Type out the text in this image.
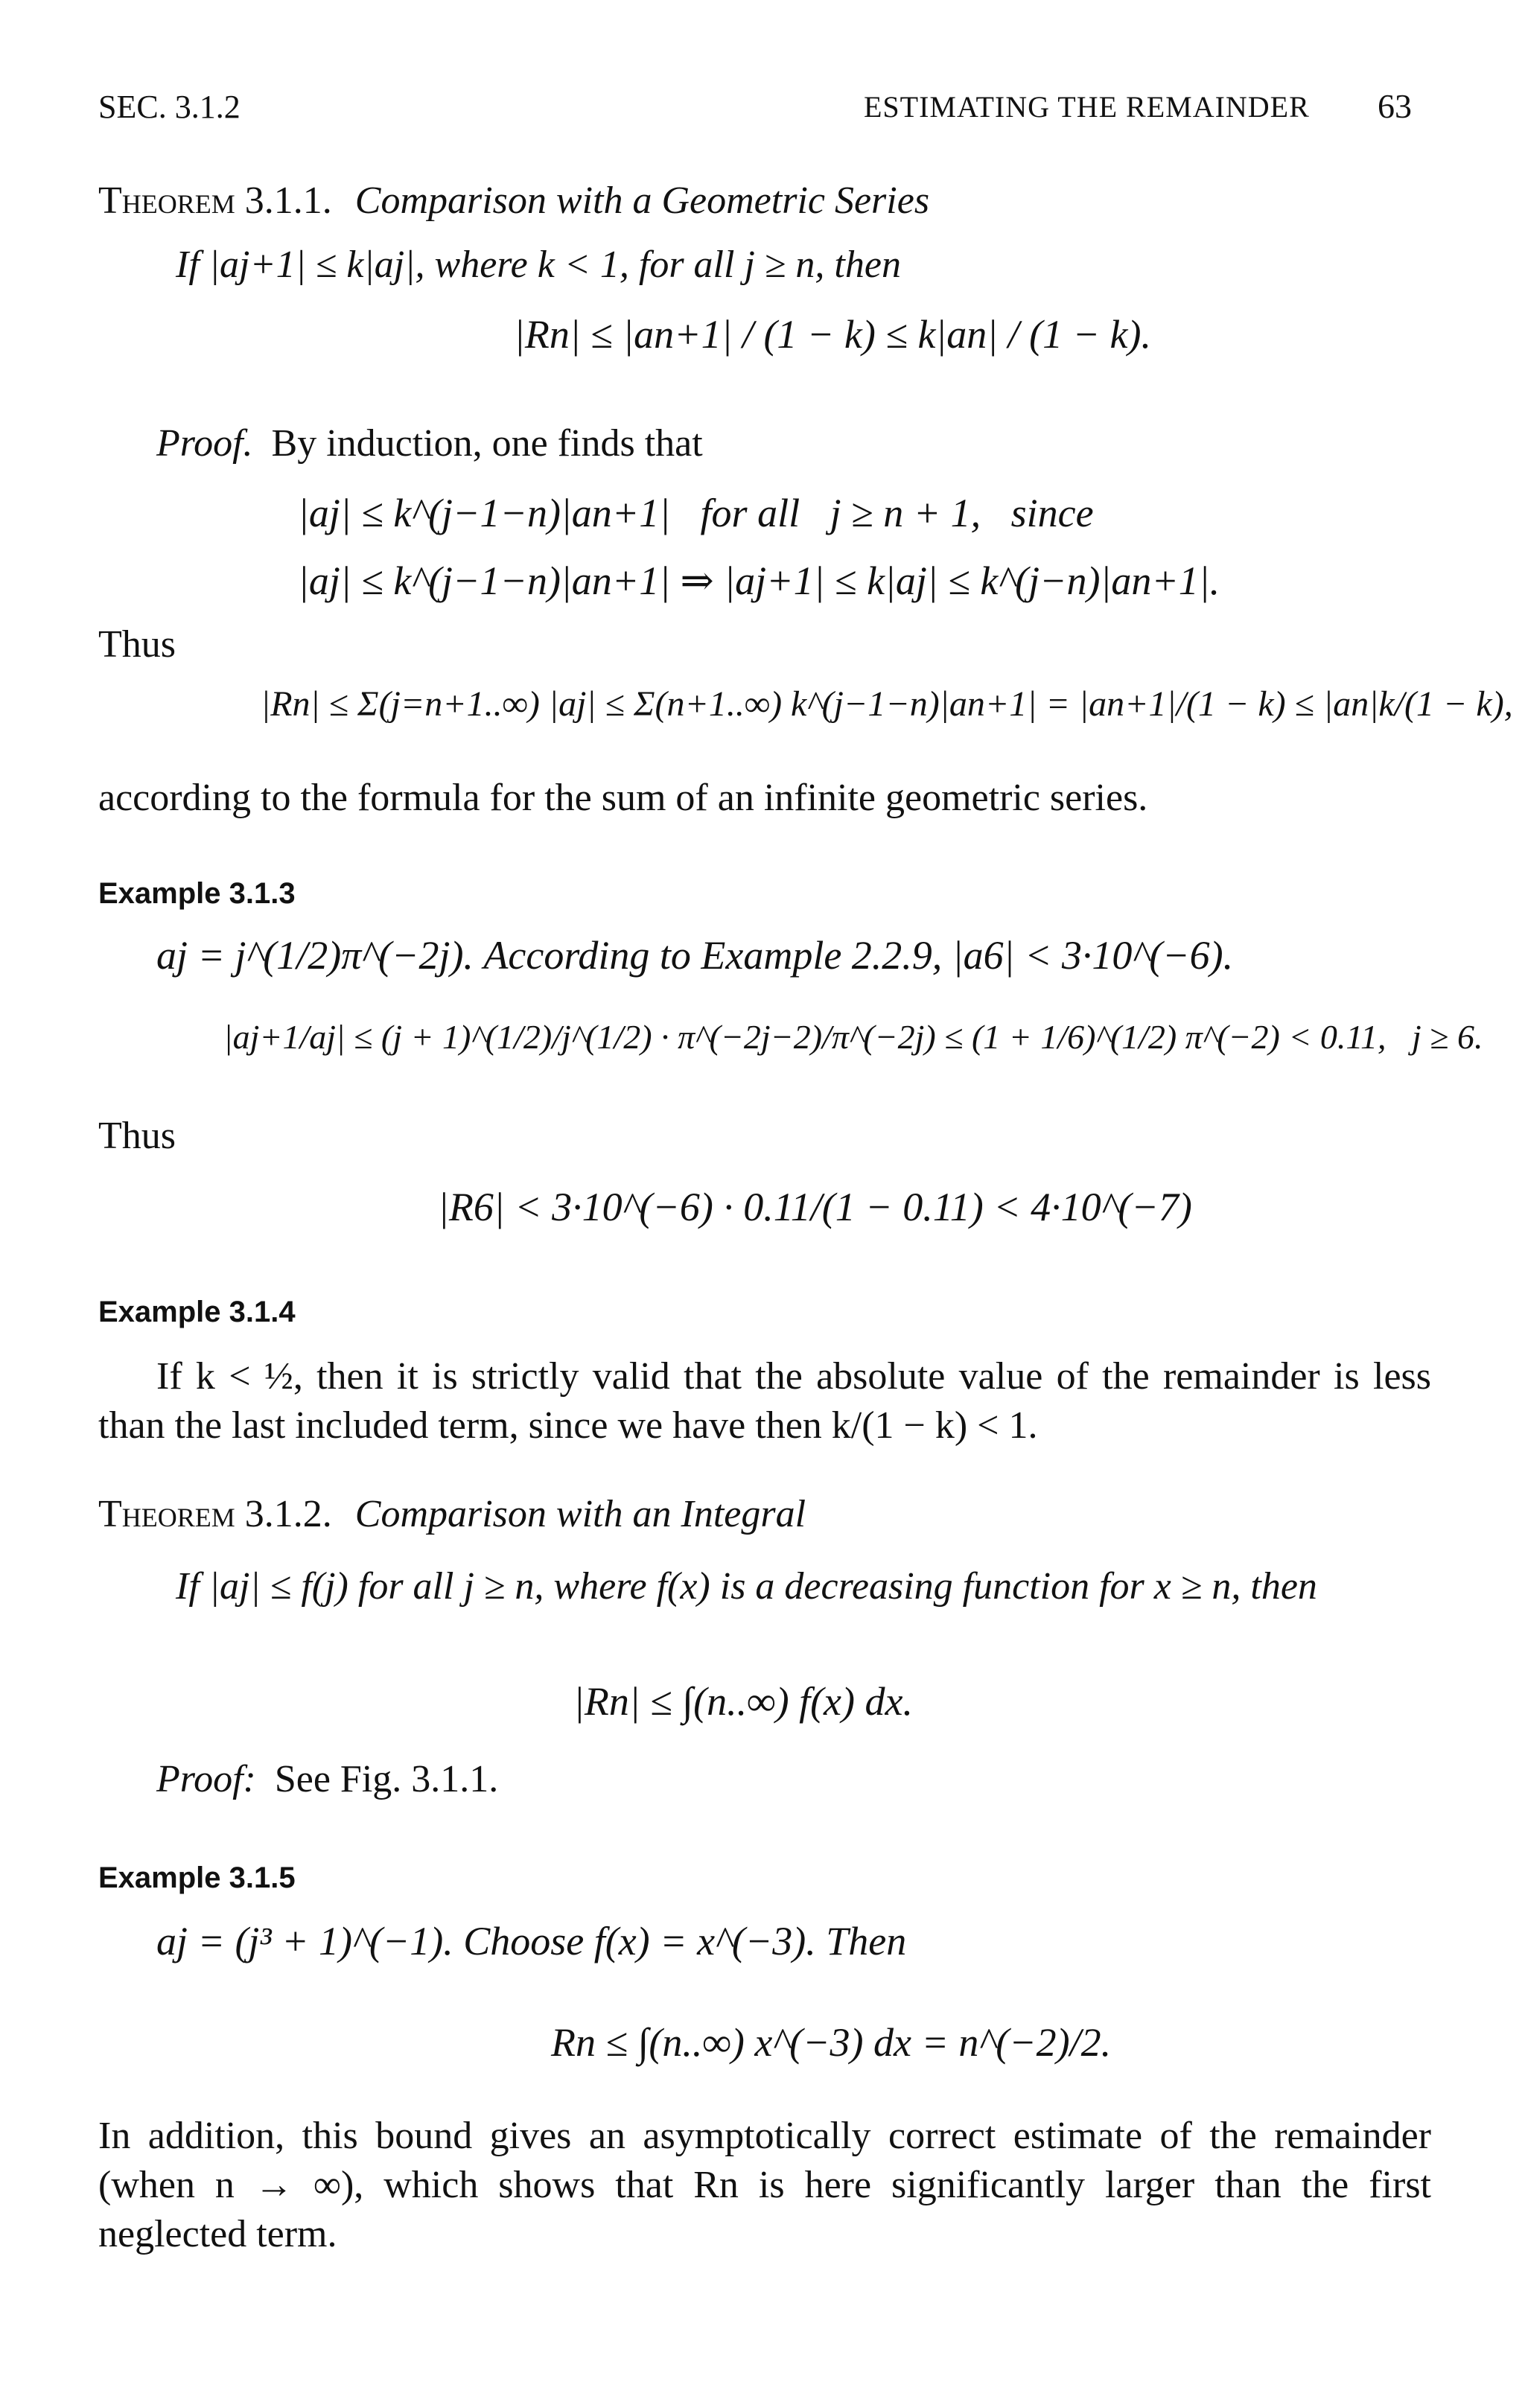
SEC. 3.1.2	ESTIMATING THE REMAINDER 63
Theorem 3.1.1. Comparison with a Geometric Series
If |aj+1| ≤ k|aj|, where k < 1, for all j ≥ n, then
|Rn| ≤ |an+1| / (1 − k) ≤ k|an| / (1 − k).
Proof. By induction, one finds that
|aj| ≤ k^(j−1−n)|an+1|   for all   j ≥ n + 1,   since
|aj| ≤ k^(j−1−n)|an+1| ⇒ |aj+1| ≤ k|aj| ≤ k^(j−n)|an+1|.
Thus
|Rn| ≤ Σ(j=n+1..∞) |aj| ≤ Σ(n+1..∞) k^(j−1−n)|an+1| = |an+1|/(1 − k) ≤ |an|k/(1 − k),
according to the formula for the sum of an infinite geometric series.
Example 3.1.3
aj = j^(1/2)π^(−2j). According to Example 2.2.9, |a6| < 3·10^(−6).
|aj+1/aj| ≤ (j + 1)^(1/2)/j^(1/2) · π^(−2j−2)/π^(−2j) ≤ (1 + 1/6)^(1/2) π^(−2) < 0.11,   j ≥ 6.
Thus
|R6| < 3·10^(−6) · 0.11/(1 − 0.11) < 4·10^(−7)
Example 3.1.4
If k < ½, then it is strictly valid that the absolute value of the remainder is less than the last included term, since we have then k/(1 − k) < 1.
Theorem 3.1.2. Comparison with an Integral
If |aj| ≤ f(j) for all j ≥ n, where f(x) is a decreasing function for x ≥ n, then
|Rn| ≤ ∫(n..∞) f(x) dx.
Proof: See Fig. 3.1.1.
Example 3.1.5
aj = (j³ + 1)^(−1). Choose f(x) = x^(−3). Then
Rn ≤ ∫(n..∞) x^(−3) dx = n^(−2)/2.
In addition, this bound gives an asymptotically correct estimate of the remainder (when n → ∞), which shows that Rn is here significantly larger than the first neglected term.
